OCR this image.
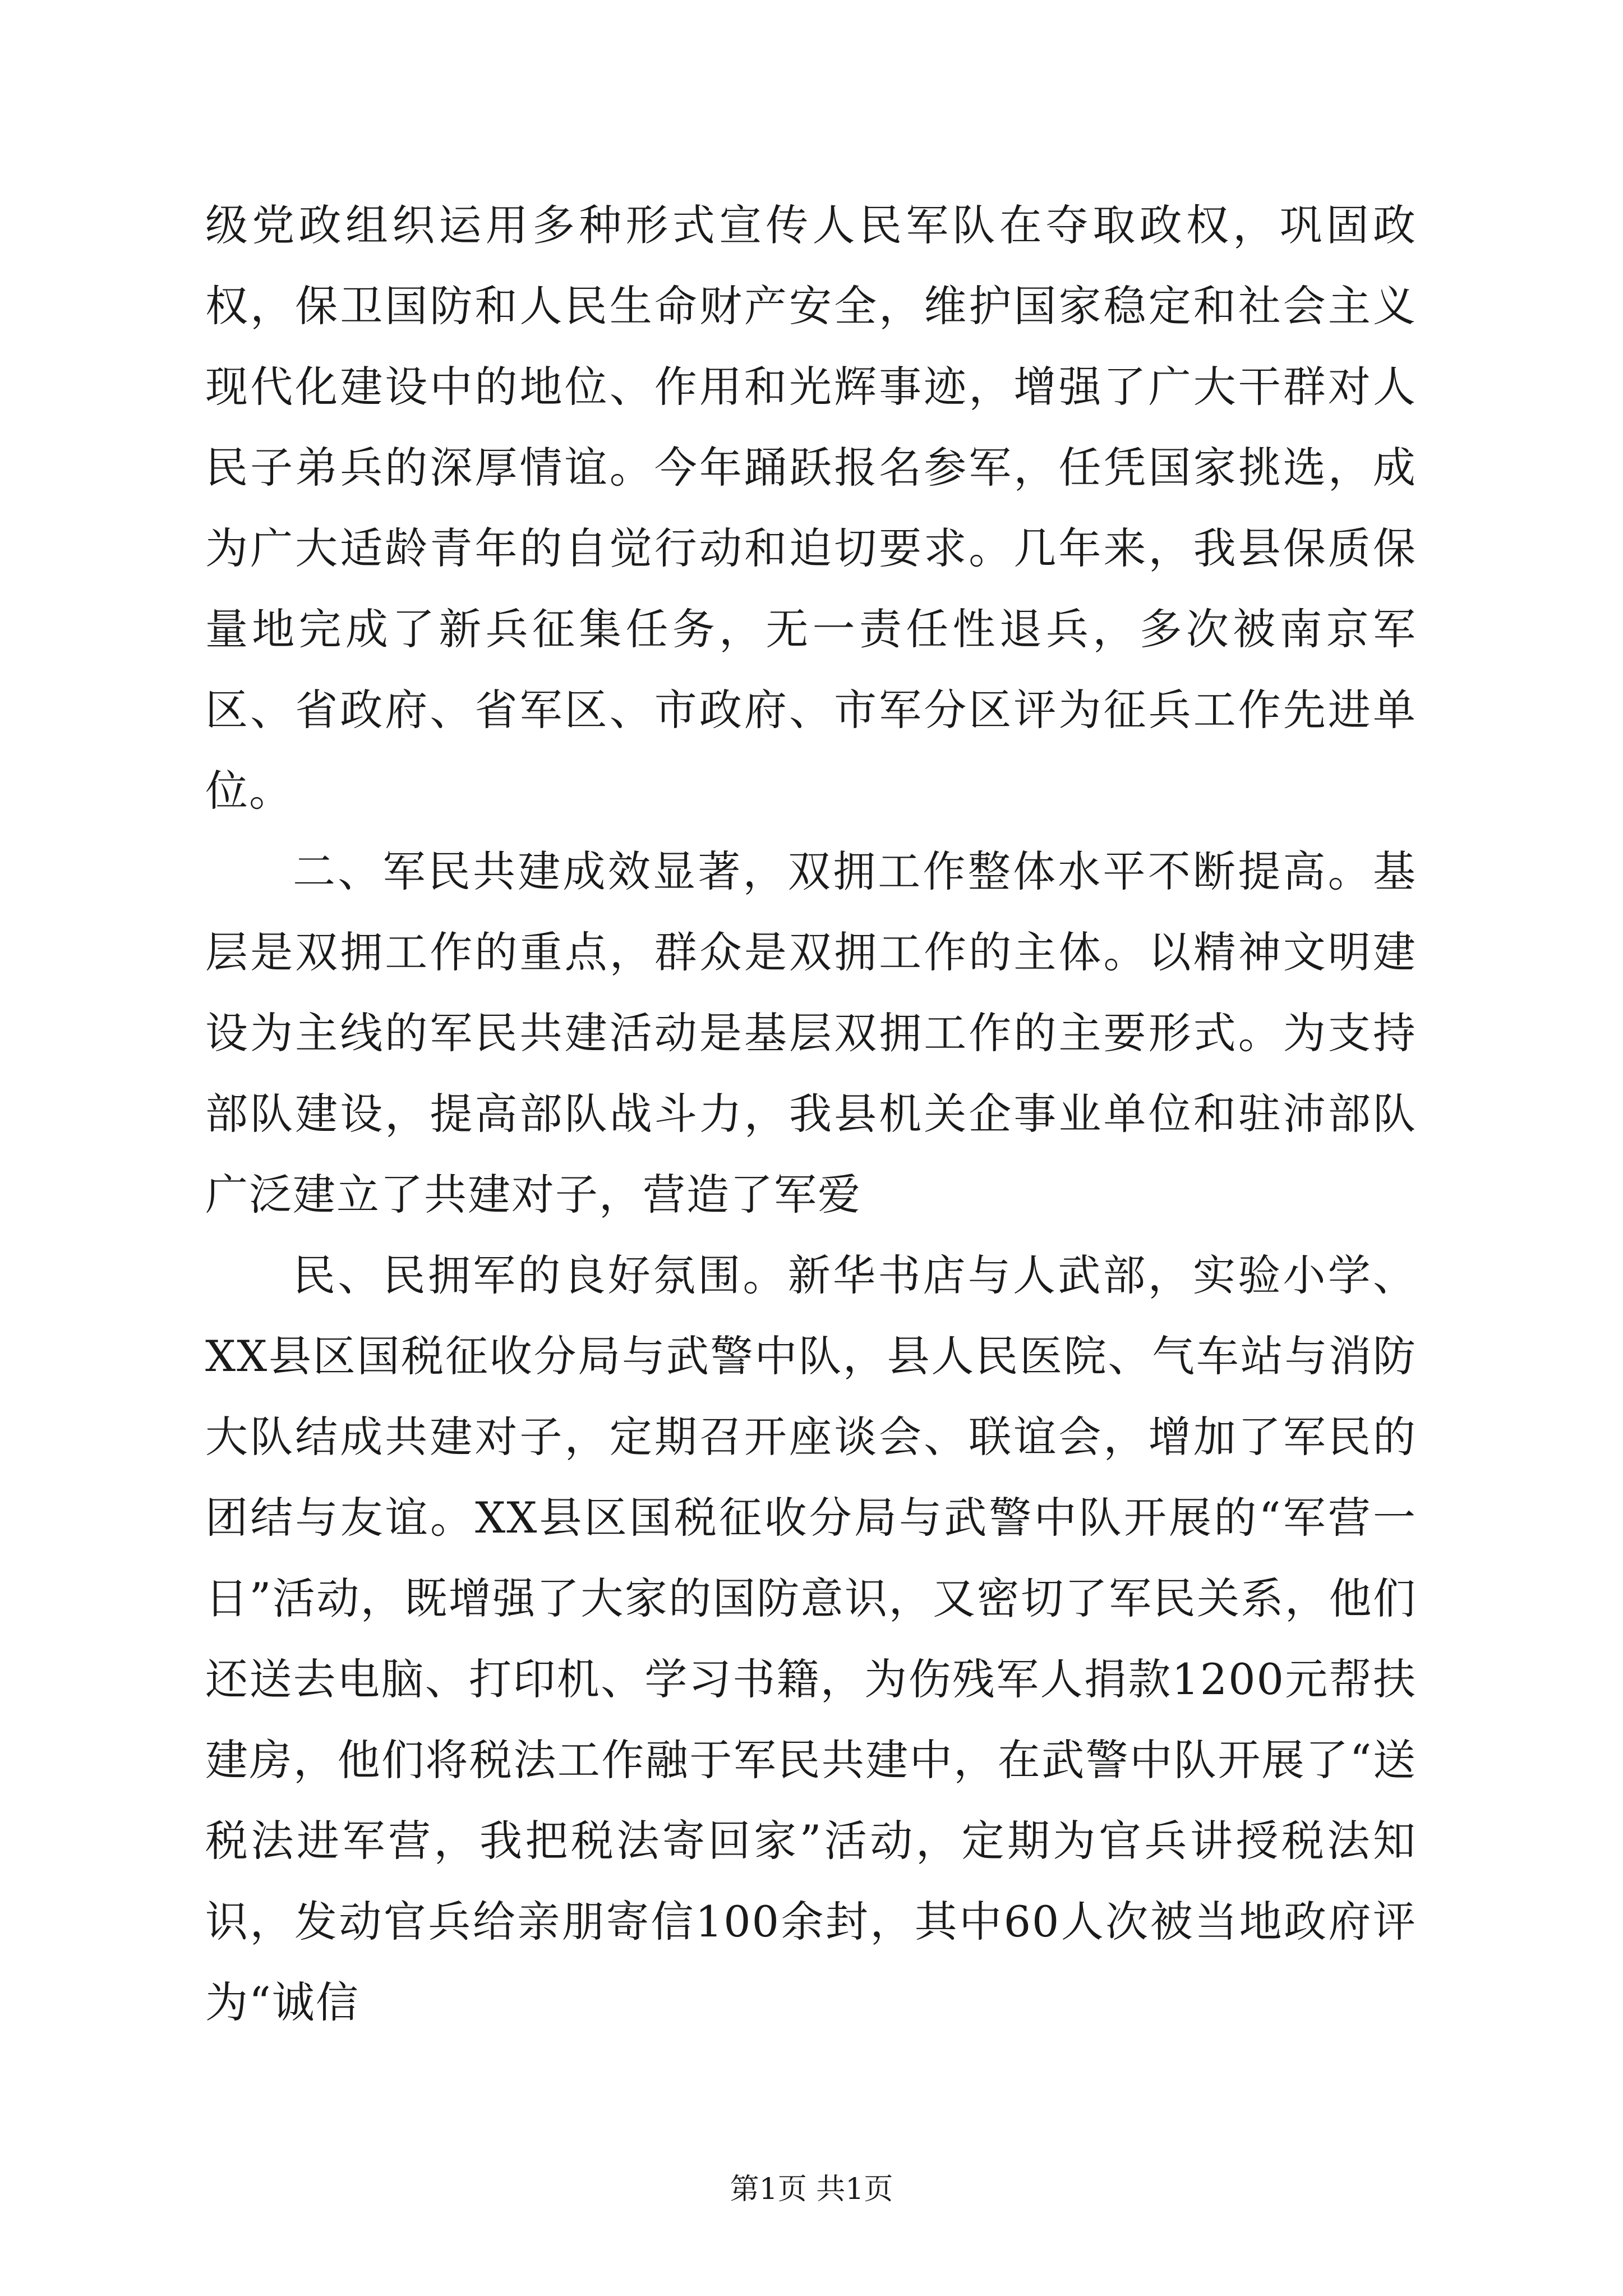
级党政组织运用多种形式宣传人民军队在夺取政权，巩固政权，保卫国防和人民生命财产安全，维护国家稳定和社会主义现代化建设中的地位、作用和光辉事迹，增强了广大干群对人民子弟兵的深厚情谊。今年踊跃报名参军，任凭国家挑选，成为广大适龄青年的自觉行动和迫切要求。几年来，我县保质保量地完成了新兵征集任务，无一责任性退兵，多次被南京军区、省政府、省军区、市政府、市军分区评为征兵工作先进单位。

二、军民共建成效显著，双拥工作整体水平不断提高。基层是双拥工作的重点，群众是双拥工作的主体。以精神文明建设为主线的军民共建活动是基层双拥工作的主要形式。为支持部队建设，提高部队战斗力，我县机关企事业单位和驻沛部队广泛建立了共建对子，营造了军爱

民、民拥军的良好氛围。新华书店与人武部，实验小学、XX县区国税征收分局与武警中队，县人民医院、气车站与消防大队结成共建对子，定期召开座谈会、联谊会，增加了军民的团结与友谊。XX县区国税征收分局与武警中队开展的“军营一日”活动，既增强了大家的国防意识，又密切了军民关系，他们还送去电脑、打印机、学习书籍，为伤残军人捐款1200元帮扶建房，他们将税法工作融于军民共建中，在武警中队开展了“送税法进军营，我把税法寄回家”活动，定期为官兵讲授税法知识，发动官兵给亲朋寄信100余封，其中60人次被当地政府评为“诚信

第1页 共1页
